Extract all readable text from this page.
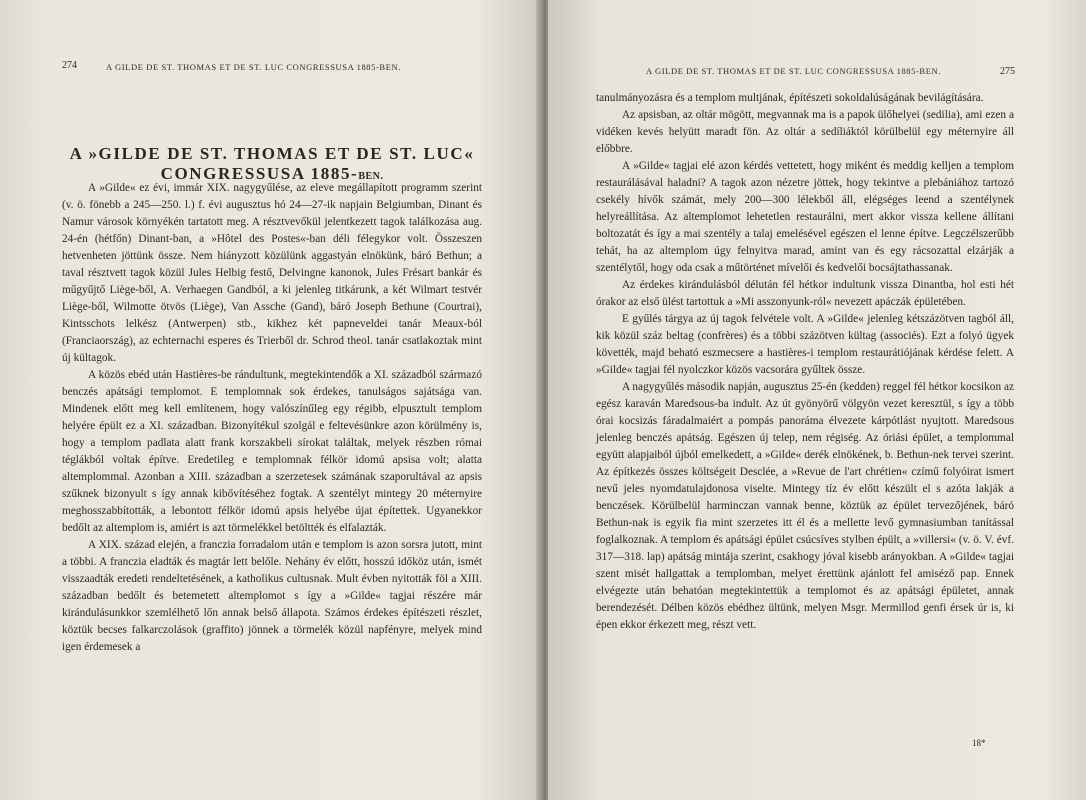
274	A GILDE DE ST. THOMAS ET DE ST. LUC CONGRESSUSA 1885-BEN.
A »GILDE DE ST. THOMAS ET DE ST. LUC«
CONGRESSUSA 1885-BEN.

A »Gilde« ez évi, immár XIX. nagygyűlése, az eleve megállapított programm szerint (v. ö. fönebb a 245—250. l.) f. évi augusztus hó 24—27-ik napjain Belgiumban, Dinant és Namur városok környékén tartatott meg. A résztvevőkül jelentkezett tagok találkozása aug. 24-én (hétfőn) Dinant-ban, a »Hôtel des Postes«-ban déli félegykor volt. Összeszen hetvenheten jöttünk össze. Nem hiányzott közülünk aggastyán elnökünk, báró Bethun; a taval résztvett tagok közül Jules Helbig festő, Delvingne kanonok, Jules Frésart bankár és műgyűjtő Liège-ből, A. Verhaegen Gandból, a ki jelenleg titkárunk, a két Wilmart testvér Liège-ből, Wilmotte ötvös (Liège), Van Assche (Gand), báró Joseph Bethune (Courtrai), Kintsschots lelkész (Antwerpen) stb., kikhez két papneveldei tanár Meaux-ból (Franciaország), az echternachi esperes és Trierből dr. Schrod theol. tanár csatlakoztak mint új kültagok.

A közös ebéd után Hastières-be rándultunk, megtekintendők a XI. századból származó benczés apátsági templomot. E templomnak sok érdekes, tanulságos sajátsága van. Mindenek előtt meg kell említenem, hogy valószínűleg egy régibb, elpusztult templom helyére épült ez a XI. században. Bizonyítékul szolgál e feltevésünkre azon körülmény is, hogy a templom padlata alatt frank korszakbeli sírokat találtak, melyek részben római téglákból voltak építve. Eredetileg e templomnak félkör idomú apsisa volt; alatta altemplommal. Azonban a XIII. században a szerzetesek számának szaporultával az apsis szűknek bizonyult s így annak kibővítéséhez fogtak. A szentélyt mintegy 20 méternyire meghosszabbították, a lebontott félkör idomú apsis helyébe újat építettek. Ugyanekkor bedőlt az altemplom is, amiért is azt törmelékkel betöltték és elfalazták.

A XIX. század elején, a franczia forradalom után e templom is azon sorsra jutott, mint a többi. A franczia eladták és magtár lett belőle. Nehány év előtt, hosszú időköz után, ismét visszaadták eredeti rendeltetésének, a katholikus cultusnak. Mult évben nyitották föl a XIII. században bedőlt és betemetett altemplomot s így a »Gilde« tagjai részére már kirándulásunkkor szemlélhető lőn annak belső állapota. Számos érdekes építészeti részlet, köztük becses falkarczolások (graffito) jönnek a törmelék közül napfényre, melyek mind igen érdemesek a

A GILDE DE ST. THOMAS ET DE ST. LUC CONGRESSUSA 1885-BEN.	275

tanulmányozásra és a templom multjának, építészeti sokoldalúságának bevilágítására.

Az apsisban, az oltár mögött, megvannak ma is a papok ülőhelyei (sedilia), ami ezen a vidéken kevés helyütt maradt fön. Az oltár a sedíliáktól körülbelül egy méternyire áll előbbre.

A »Gilde« tagjai elé azon kérdés vettetett, hogy miként és meddig kelljen a templom restaurálásával haladni? A tagok azon nézetre jöttek, hogy tekintve a plebániához tartozó csekély hívők számát, mely 200—300 lélekből áll, elégséges leend a szentélynek helyreállítása. Az altemplomot lehetetlen restaurálni, mert akkor vissza kellene állítani boltozatát és így a mai szentély a talaj emelésével egészen el lenne építve. Legczélszerűbb tehát, ha az altemplom úgy felnyitva marad, amint van és egy rácsozattal elzárják a szentélytől, hogy oda csak a műtörténet mívelői és kedvelői bocsájtathassanak.

Az érdekes kirándulásból délután fél hétkor indultunk vissza Dinantba, hol esti hét órakor az első ülést tartottuk a »Mi asszonyunk-ról« nevezett apáczák épületében.

E gyűlés tárgya az új tagok felvétele volt. A »Gilde« jelenleg kétszázötven tagból áll, kik közül száz beltag (confrères) és a többi százötven kültag (associés). Ezt a folyó ügyek követték, majd beható eszmecsere a hastières-i templom restaurátiójának kérdése felett. A »Gilde« tagjai fél nyolczkor közös vacsorára gyűltek össze.

A nagygyűlés második napján, augusztus 25-én (kedden) reggel fél hétkor kocsikon az egész karaván Maredsous-ba indult. Az út gyönyörű völgyön vezet keresztül, s így a több órai kocsizás fáradalmaiért a pompás panoráma élvezete kárpótlást nyujtott. Maredsous jelenleg benczés apátság. Egészen új telep, nem régiség. Az óriási épület, a templommal együtt alapjaiból újból emelkedett, a »Gilde« derék elnökének, b. Bethun-nek tervei szerint. Az építkezés összes költségeit Desclée, a »Revue de l'art chrétien« czímű folyóirat ismert nevű jeles nyomdatulajdonosa viselte. Mintegy tíz év előtt készült el s azóta lakják a benczések. Körülbelül harminczan vannak benne, köztük az épület tervezőjének, báró Bethun-nak is egyik fia mint szerzetes itt él és a mellette levő gymnasiumban tanítással foglalkoznak. A templom és apátsági épület csúcsíves stylben épült, a »villersi« (v. ö. V. évf. 317—318. lap) apátság mintája szerint, csakhogy jóval kisebb arányokban. A »Gilde« tagjai szent misét hallgattak a templomban, melyet érettünk ajánlott fel amiséző pap. Ennek elvégezte után behatóan megtekintettük a templomot és az apátsági épületet, annak berendezését. Délben közös ebédhez ültünk, melyen Msgr. Mermillod genfi érsek úr is, ki épen ekkor érkezett meg, részt vett.

18*
